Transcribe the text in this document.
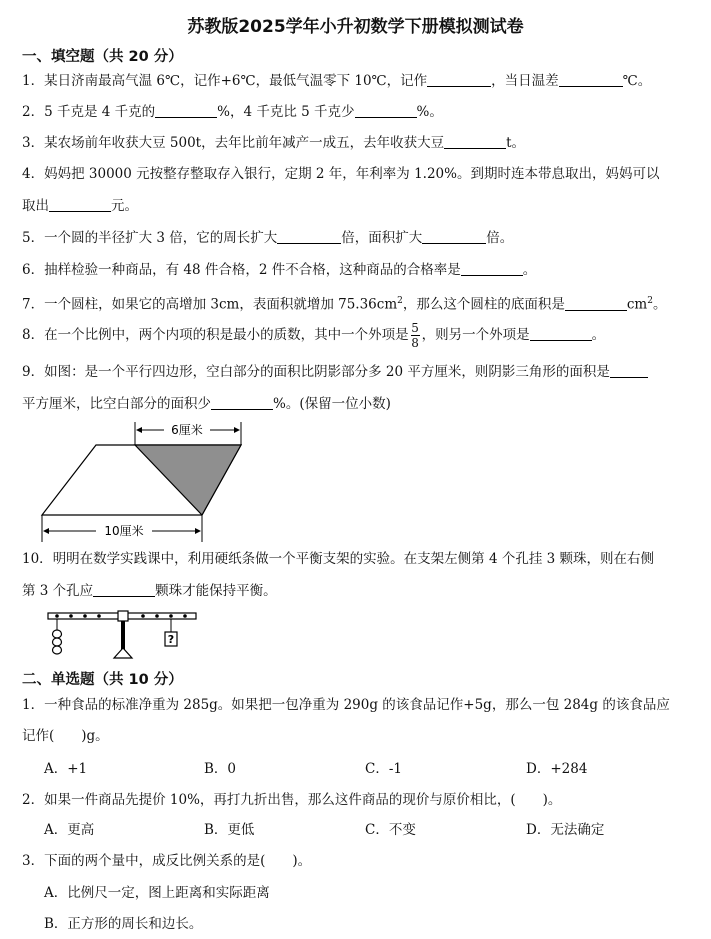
苏教版2025学年小升初数学下册模拟测试卷
一、填空题（共 20 分）
1．某日济南最高气温 6℃，记作+6℃，最低气温零下 10℃，记作	，当日温差	℃。
2．5 千克是 4 千克的	%，4 千克比 5 千克少	%。
3．某农场前年收获大豆 500t，去年比前年减产一成五，去年收获大豆	t。
4．妈妈把 30000 元按整存整取存入银行，定期 2 年，年利率为 1.20%。到期时连本带息取出，妈妈可以
取出	元。
5．一个圆的半径扩大 3 倍，它的周长扩大	倍，面积扩大	倍。
6．抽样检验一种商品，有 48 件合格，2 件不合格，这种商品的合格率是	。
7．一个圆柱，如果它的高增加 3cm，表面积就增加 $75.36cm^2$，那么这个圆柱的底面积是	$cm^2$。
8．在一个比例中，两个内项的积是最小的质数，其中一个外项是 $\frac{5}{8}$ ，则另一个外项是	。
9．如图：是一个平行四边形，空白部分的面积比阴影部分多 20 平方厘米，则阴影三角形的面积是
平方厘米，比空白部分的面积少	%。(保留一位小数)
6厘米
10厘米
10．明明在数学实践课中，利用硬纸条做一个平衡支架的实验。在支架左侧第 4 个孔挂 3 颗珠，则在右侧
第 3 个孔应	颗珠才能保持平衡。
?
二、单选题（共 10 分）
1．一种食品的标准净重为 285g。如果把一包净重为 290g 的该食品记作+5g，那么一包 284g 的该食品应
记作(　　)g。
A．+1	B．0	C．-1	D．+284
2．如果一件商品先提价 10%，再打九折出售，那么这件商品的现价与原价相比，(　　)。
A．更高	B．更低	C．不变	D．无法确定
3．下面的两个量中，成反比例关系的是(　　)。
A．比例尺一定，图上距离和实际距离
B．正方形的周长和边长。
